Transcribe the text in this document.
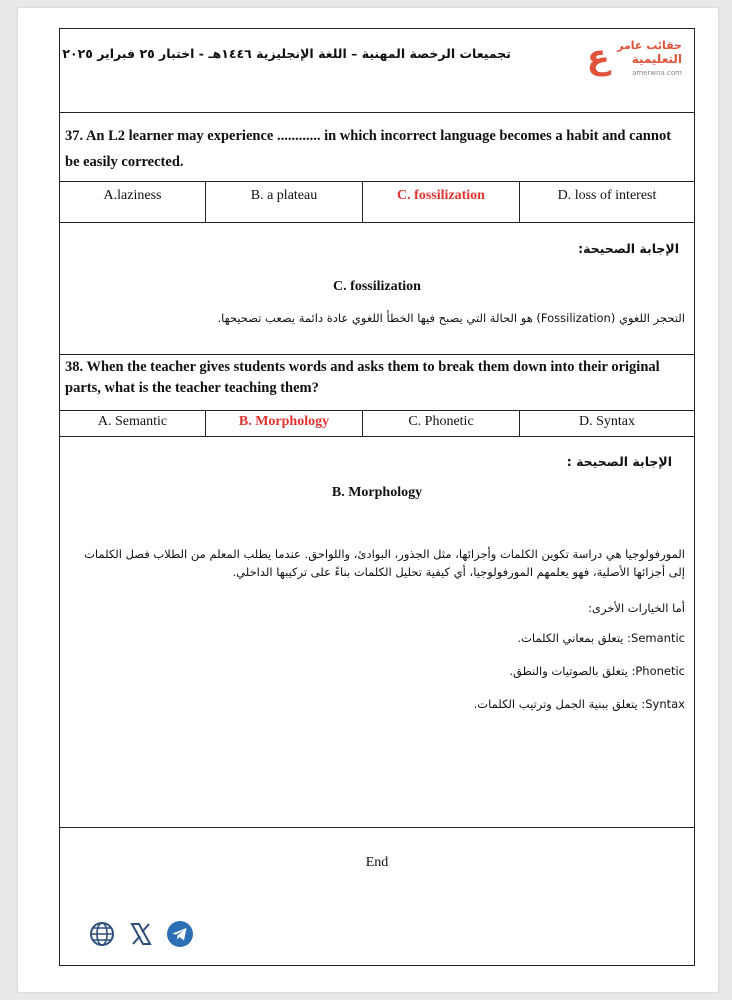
تجميعات الرخصة المهنية – اللغة الإنجليزية ١٤٤٦هـ - اختبار ٢٥ فبراير ٢٠٢٥ ع حقائب عامر
التعليمية
amerwna.com
37. An L2 learner may experience ............ in which incorrect language becomes a habit and cannot be easily corrected.
A.laziness	B. a plateau	C. fossilization	D. loss of interest
الإجابة الصحيحة:
C. fossilization
التحجر اللغوي (Fossilization) هو الحالة التي يصبح فيها الخطأ اللغوي عادة دائمة يصعب تصحيحها.
38. When the teacher gives students words and asks them to break them down into their original parts, what is the teacher teaching them?
A. Semantic	B. Morphology	C. Phonetic	D. Syntax
الإجابة الصحيحة :
B. Morphology
المورفولوجيا هي دراسة تكوين الكلمات وأجزائها، مثل الجذور، البوادئ، واللواحق. عندما يطلب المعلم من الطلاب فصل الكلمات إلى أجزائها الأصلية، فهو يعلمهم المورفولوجيا، أي كيفية تحليل الكلمات بناءً على تركيبها الداخلي.
أما الخيارات الأخرى:
Semantic: يتعلق بمعاني الكلمات.
Phonetic: يتعلق بالصوتيات والنطق.
Syntax: يتعلق ببنية الجمل وترتيب الكلمات.
End
